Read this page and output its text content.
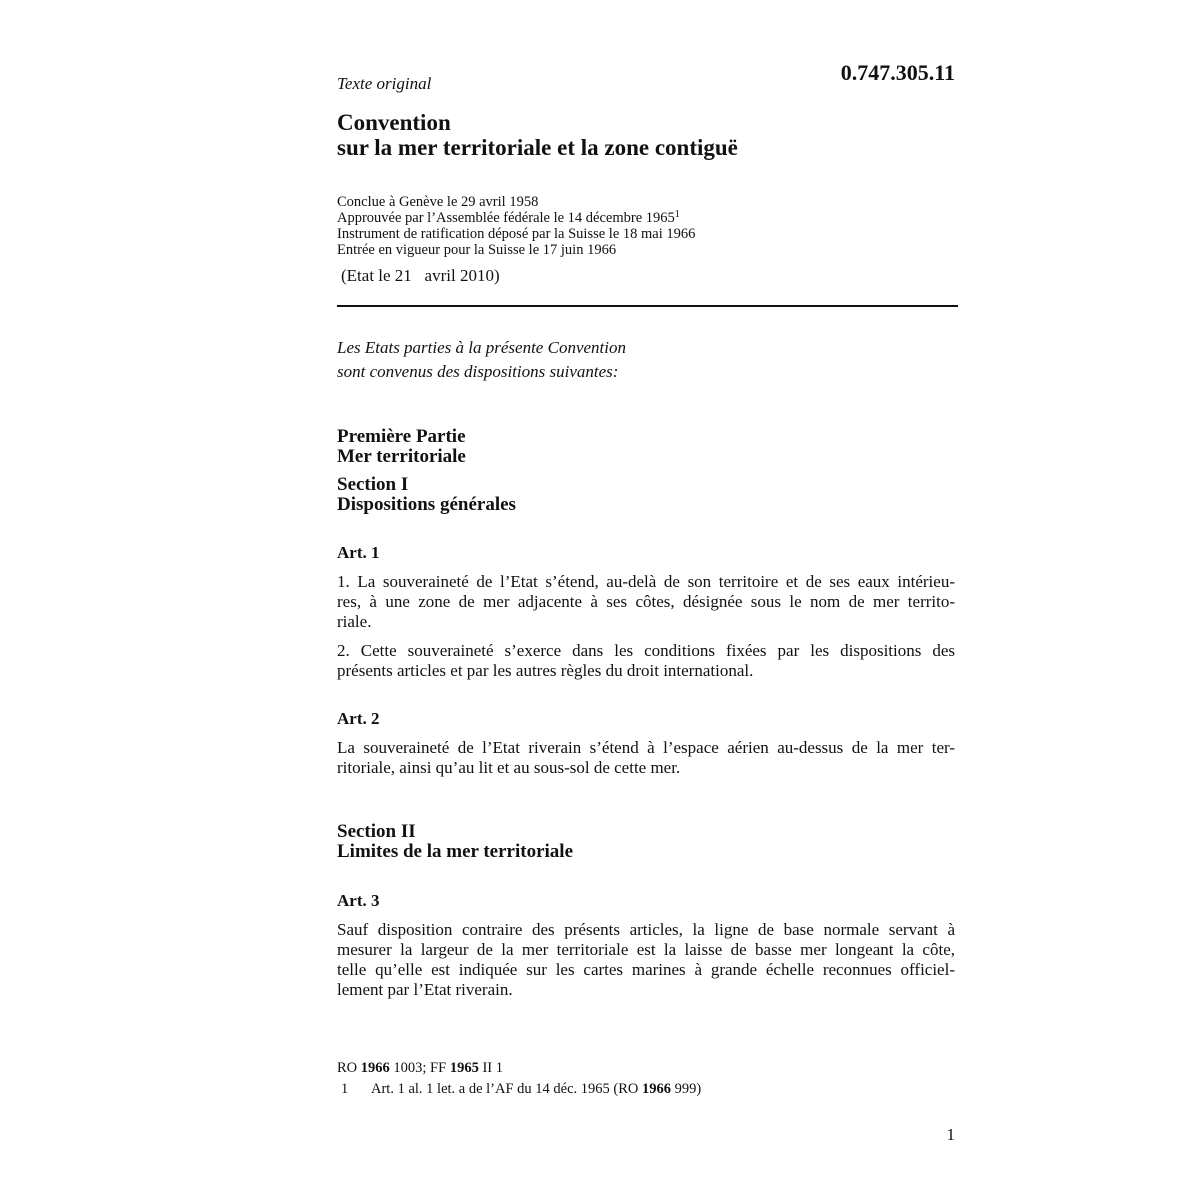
Texte original	0.747.305.11
Convention
sur la mer territoriale et la zone contiguë
Conclue à Genève le 29 avril 1958
Approuvée par l’Assemblée fédérale le 14 décembre 1965$^1$
Instrument de ratification déposé par la Suisse le 18 mai 1966
Entrée en vigueur pour la Suisse le 17 juin 1966
(Etat le 21   avril 2010)
Les Etats parties à la présente Convention
sont convenus des dispositions suivantes:
Première Partie
Mer territoriale
Section I
Dispositions générales
Art. 1
1. La souveraineté de l’Etat s’étend, au-delà de son territoire et de ses eaux intérieu-
res, à une zone de mer adjacente à ses côtes, désignée sous le nom de mer territo-
riale.
2. Cette souveraineté s’exerce dans les conditions fixées par les dispositions des
présents articles et par les autres règles du droit international.
Art. 2
La souveraineté de l’Etat riverain s’étend à l’espace aérien au-dessus de la mer ter-
ritoriale, ainsi qu’au lit et au sous-sol de cette mer.
Section II
Limites de la mer territoriale
Art. 3
Sauf disposition contraire des présents articles, la ligne de base normale servant à
mesurer la largeur de la mer territoriale est la laisse de basse mer longeant la côte,
telle qu’elle est indiquée sur les cartes marines à grande échelle reconnues officiel-
lement par l’Etat riverain.
RO 1966 1003; FF 1965 II 1
1 Art. 1 al. 1 let. a de l’AF du 14 déc. 1965 (RO 1966 999)
1
